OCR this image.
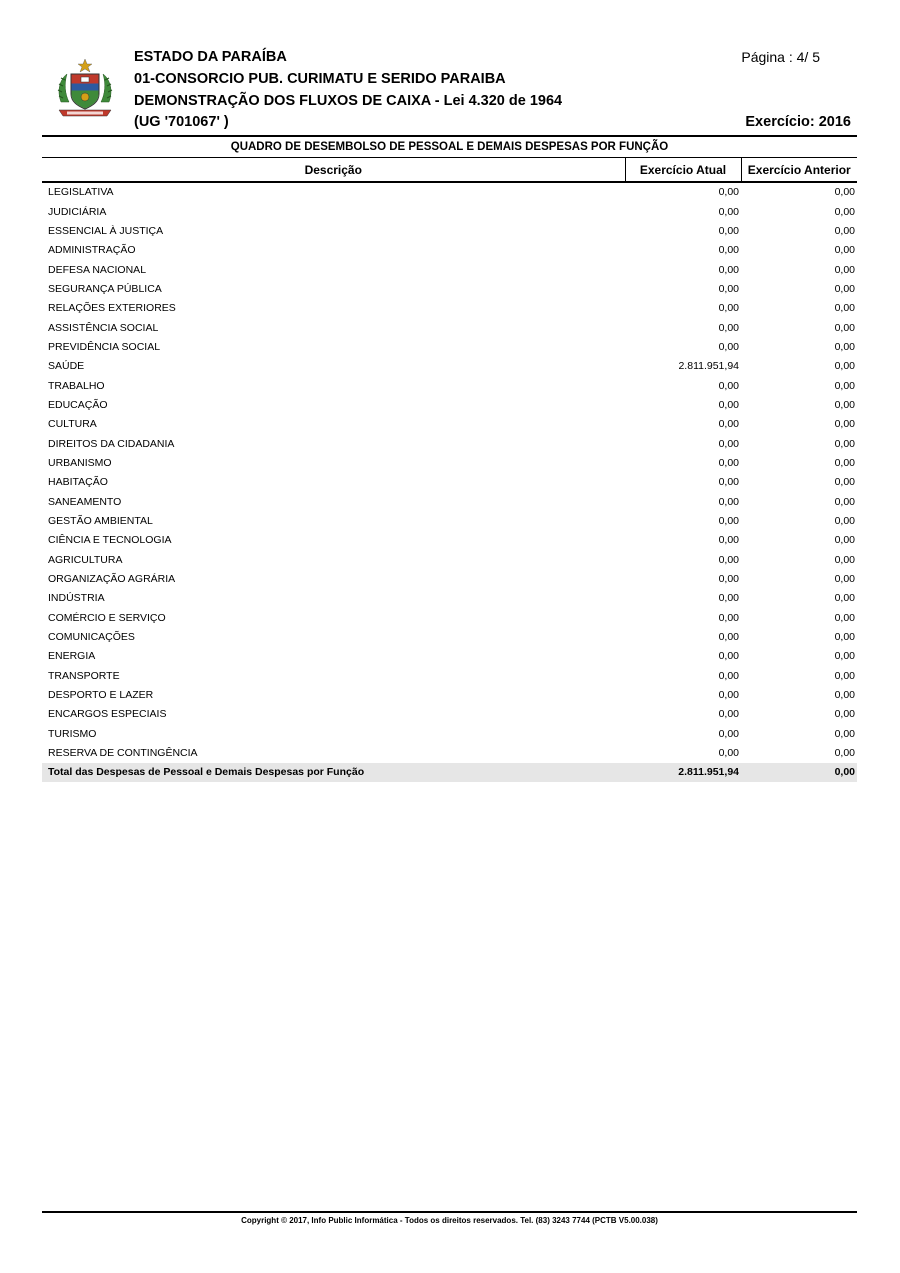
ESTADO DA PARAÍBA
01-CONSORCIO PUB. CURIMATU E SERIDO PARAIBA
DEMONSTRAÇÃO DOS FLUXOS DE CAIXA - Lei 4.320 de 1964
(UG '701067' )
Página : 4/ 5
Exercício: 2016
QUADRO DE DESEMBOLSO DE PESSOAL E DEMAIS DESPESAS POR FUNÇÃO
Descrição	Exercício Atual	Exercício Anterior
LEGISLATIVA	0,00	0,00
JUDICIÁRIA	0,00	0,00
ESSENCIAL À JUSTIÇA	0,00	0,00
ADMINISTRAÇÃO	0,00	0,00
DEFESA NACIONAL	0,00	0,00
SEGURANÇA PÚBLICA	0,00	0,00
RELAÇÕES EXTERIORES	0,00	0,00
ASSISTÊNCIA SOCIAL	0,00	0,00
PREVIDÊNCIA SOCIAL	0,00	0,00
SAÚDE	2.811.951,94	0,00
TRABALHO	0,00	0,00
EDUCAÇÃO	0,00	0,00
CULTURA	0,00	0,00
DIREITOS DA CIDADANIA	0,00	0,00
URBANISMO	0,00	0,00
HABITAÇÃO	0,00	0,00
SANEAMENTO	0,00	0,00
GESTÃO AMBIENTAL	0,00	0,00
CIÊNCIA E TECNOLOGIA	0,00	0,00
AGRICULTURA	0,00	0,00
ORGANIZAÇÃO AGRÁRIA	0,00	0,00
INDÚSTRIA	0,00	0,00
COMÉRCIO E SERVIÇO	0,00	0,00
COMUNICAÇÕES	0,00	0,00
ENERGIA	0,00	0,00
TRANSPORTE	0,00	0,00
DESPORTO E LAZER	0,00	0,00
ENCARGOS ESPECIAIS	0,00	0,00
TURISMO	0,00	0,00
RESERVA DE CONTINGÊNCIA	0,00	0,00
Total das Despesas de Pessoal e Demais Despesas por Função	2.811.951,94	0,00
Copyright © 2017, Info Public Informática - Todos os direitos reservados. Tel. (83) 3243 7744 (PCTB V5.00.038)
